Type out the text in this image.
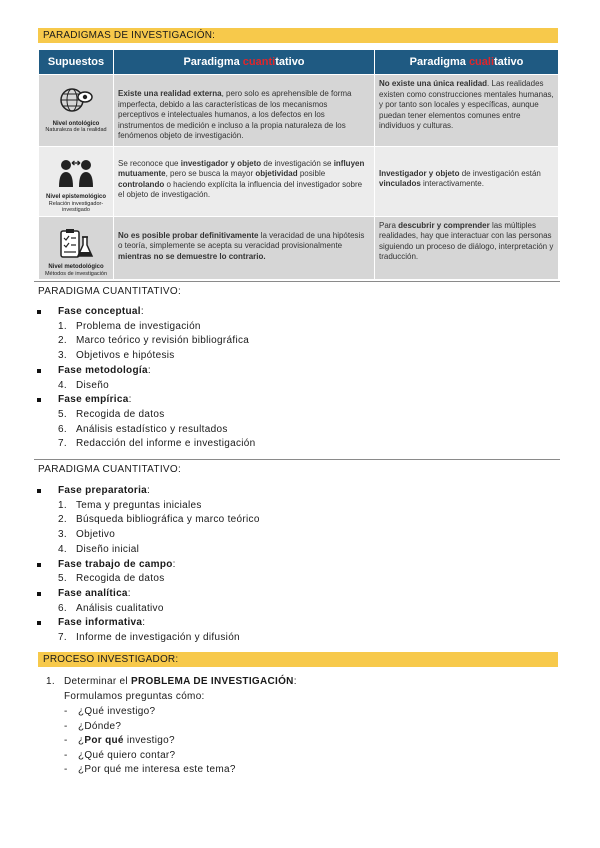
PARADIGMAS DE INVESTIGACIÓN:
Supuestos	Paradigma cuantitativo	Paradigma cualitativo

Nivel ontológico
Naturaleza de la realidad	Existe una realidad externa, pero solo es aprehensible de forma imperfecta, debido a las características de los mecanismos perceptivos e intelectuales humanos, a los defectos en los instrumentos de medición e incluso a la propia naturaleza de los fenómenos objeto de investigación.	No existe una única realidad. Las realidades existen como construcciones mentales humanas, y por tanto son locales y específicas, aunque puedan tener elementos comunes entre individuos y culturas.

Nivel epistemológico
Relación investigador-investigado	Se reconoce que investigador y objeto de investigación se influyen mutuamente, pero se busca la mayor objetividad posible controlando o haciendo explícita la influencia del investigador sobre el objeto de investigación.	Investigador y objeto de investigación están vinculados interactivamente.

Nivel metodológico
Métodos de investigación	No es posible probar definitivamente la veracidad de una hipótesis o teoría, simplemente se acepta su veracidad provisionalmente mientras no se demuestre lo contrario.	Para descubrir y comprender las múltiples realidades, hay que interactuar con las personas siguiendo un proceso de diálogo, interpretación y traducción.
PARADIGMA CUANTITATIVO:
Fase conceptual:
1. Problema de investigación
2. Marco teórico y revisión bibliográfica
3. Objetivos e hipótesis
Fase metodología:
4. Diseño
Fase empírica:
5. Recogida de datos
6. Análisis estadístico y resultados
7. Redacción del informe e investigación
PARADIGMA CUANTITATIVO:
Fase preparatoria:
1. Tema y preguntas iniciales
2. Búsqueda bibliográfica y marco teórico
3. Objetivo
4. Diseño inicial
Fase trabajo de campo:
5. Recogida de datos
Fase analítica:
6. Análisis cualitativo
Fase informativa:
7. Informe de investigación y difusión
PROCESO INVESTIGADOR:
1. Determinar el PROBLEMA DE INVESTIGACIÓN:
Formulamos preguntas cómo:
- ¿Qué investigo?
- ¿Dónde?
- ¿Por qué investigo?
- ¿Qué quiero contar?
- ¿Por qué me interesa este tema?
